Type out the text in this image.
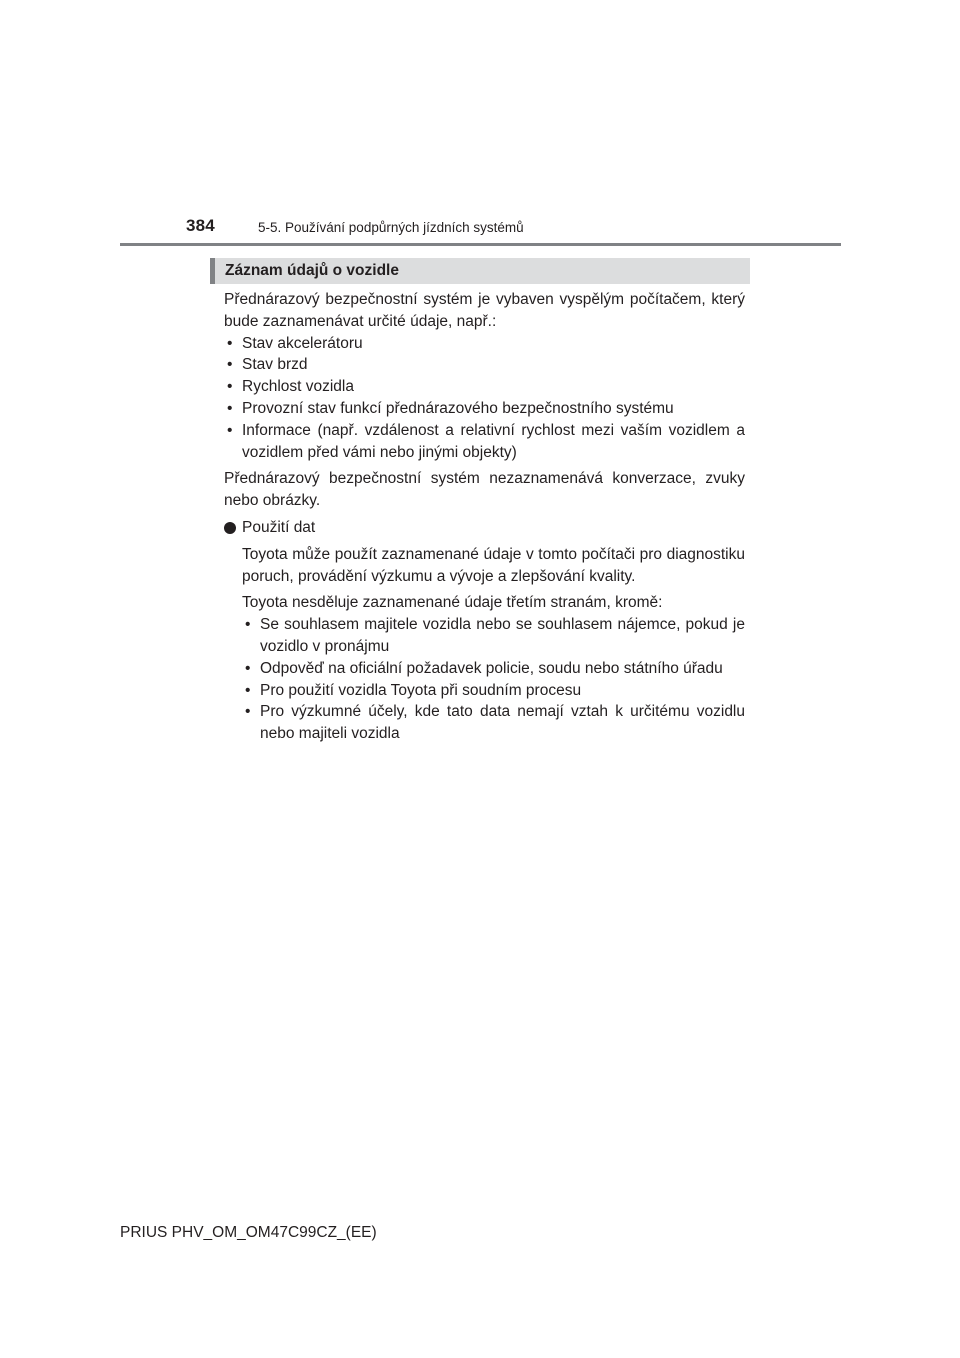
384	5-5. Používání podpůrných jízdních systémů
Záznam údajů o vozidle

Přednárazový bezpečnostní systém je vybaven vyspělým počítačem, který bude zaznamenávat určité údaje, např.:

• Stav akcelerátoru
• Stav brzd
• Rychlost vozidla
• Provozní stav funkcí přednárazového bezpečnostního systému
• Informace (např. vzdálenost a relativní rychlost mezi vaším vozidlem a vozidlem před vámi nebo jinými objekty)

Přednárazový bezpečnostní systém nezaznamenává konverzace, zvuky nebo obrázky.

Použití dat

Toyota může použít zaznamenané údaje v tomto počítači pro diagnostiku poruch, provádění výzkumu a vývoje a zlepšování kvality.

Toyota nesděluje zaznamenané údaje třetím stranám, kromě:

• Se souhlasem majitele vozidla nebo se souhlasem nájemce, pokud je vozidlo v pronájmu
• Odpověď na oficiální požadavek policie, soudu nebo státního úřadu
• Pro použití vozidla Toyota při soudním procesu
• Pro výzkumné účely, kde tato data nemají vztah k určitému vozidlu nebo majiteli vozidla
PRIUS PHV_OM_OM47C99CZ_(EE)
